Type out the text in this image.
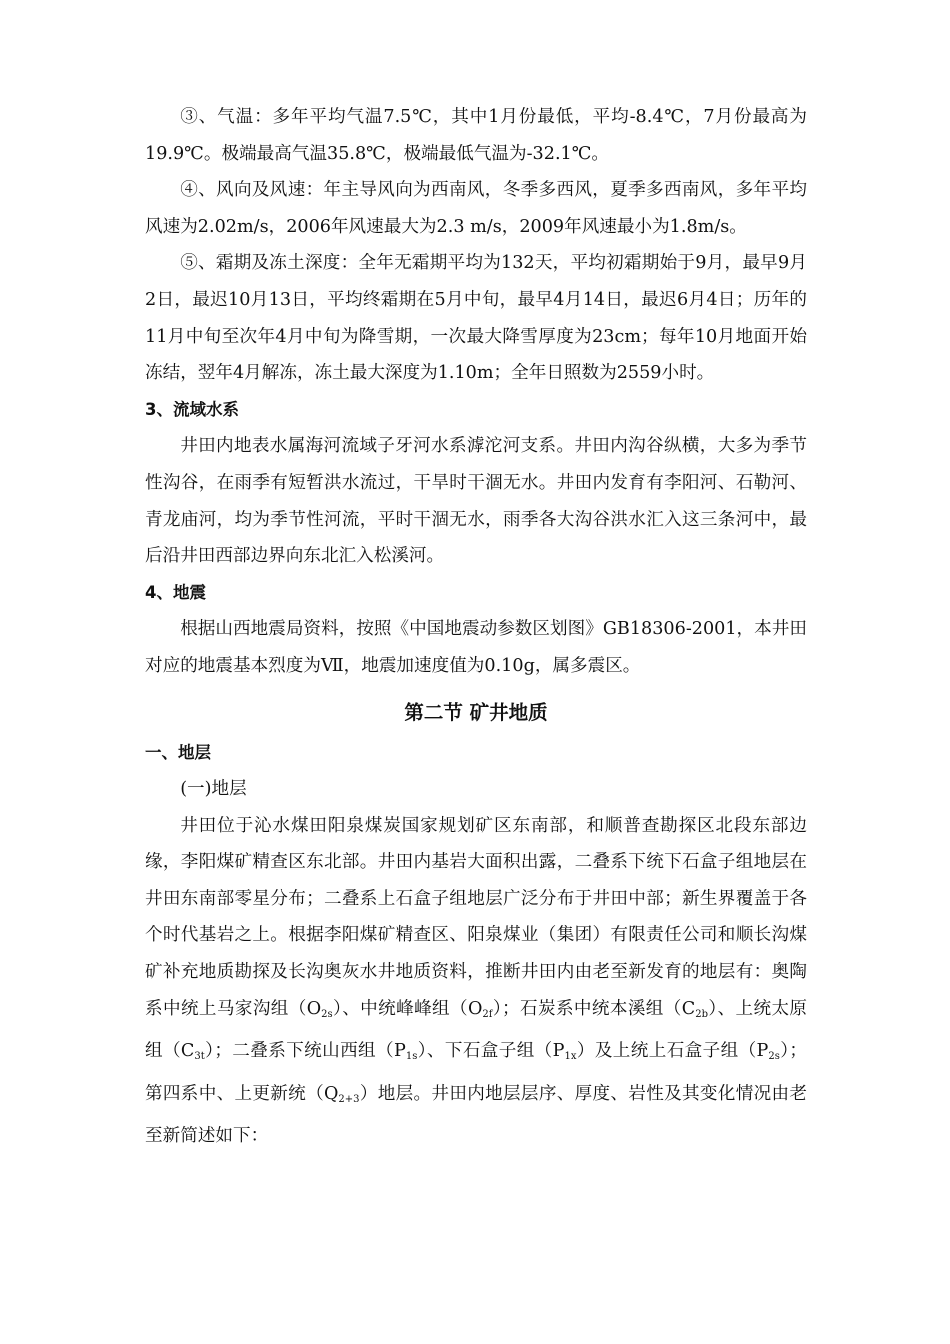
③、气温：多年平均气温7.5℃，其中1月份最低，平均-8.4℃，7月份最高为19.9℃。极端最高气温35.8℃，极端最低气温为-32.1℃。

④、风向及风速：年主导风向为西南风，冬季多西风，夏季多西南风，多年平均风速为2.02m/s，2006年风速最大为2.3 m/s，2009年风速最小为1.8m/s。

⑤、霜期及冻土深度：全年无霜期平均为132天，平均初霜期始于9月，最早9月2日，最迟10月13日，平均终霜期在5月中旬，最早4月14日，最迟6月4日；历年的11月中旬至次年4月中旬为降雪期，一次最大降雪厚度为23cm；每年10月地面开始冻结，翌年4月解冻，冻土最大深度为1.10m；全年日照数为2559小时。

3、流域水系

井田内地表水属海河流域子牙河水系滹沱河支系。井田内沟谷纵横，大多为季节性沟谷，在雨季有短暂洪水流过，干旱时干涸无水。井田内发育有李阳河、石勒河、青龙庙河，均为季节性河流，平时干涸无水，雨季各大沟谷洪水汇入这三条河中，最后沿井田西部边界向东北汇入松溪河。

4、地震

根据山西地震局资料，按照《中国地震动参数区划图》GB18306-2001，本井田对应的地震基本烈度为Ⅶ，地震加速度值为0.10g，属多震区。

第二节 矿井地质

一、地层

(一)地层

井田位于沁水煤田阳泉煤炭国家规划矿区东南部，和顺普查勘探区北段东部边缘，李阳煤矿精查区东北部。井田内基岩大面积出露，二叠系下统下石盒子组地层在井田东南部零星分布；二叠系上石盒子组地层广泛分布于井田中部；新生界覆盖于各个时代基岩之上。根据李阳煤矿精查区、阳泉煤业（集团）有限责任公司和顺长沟煤矿补充地质勘探及长沟奥灰水井地质资料，推断井田内由老至新发育的地层有：奥陶系中统上马家沟组$(O_{2s})$、中统峰峰组$(O_{2f})$；石炭系中统本溪组$(C_{2b})$、上统太原组$(C_{3t})$；二叠系下统山西组$(P_{1s})$、下石盒子组$(P_{1x})$及上统上石盒子组$(P_{2s})$；第四系中、上更新统$(Q_{2+3})$地层。井田内地层层序、厚度、岩性及其变化情况由老至新简述如下：
